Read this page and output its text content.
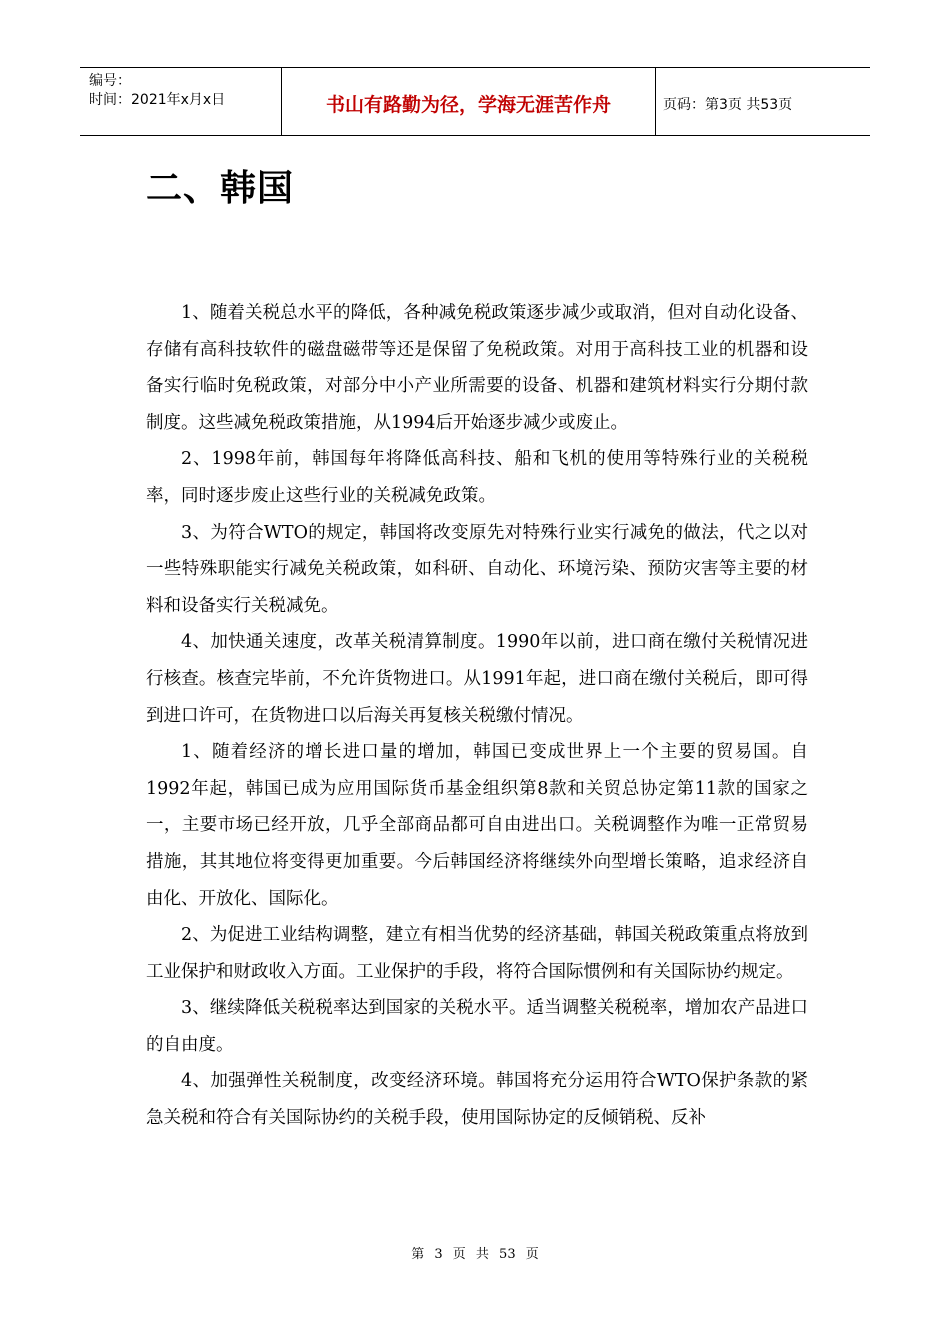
编号：
时间：2021年x月x日	书山有路勤为径，学海无涯苦作舟	页码：第3页 共53页
二、韩国

1、随着关税总水平的降低，各种减免税政策逐步减少或取消，但对自动化设备、存储有高科技软件的磁盘磁带等还是保留了免税政策。对用于高科技工业的机器和设备实行临时免税政策，对部分中小产业所需要的设备、机器和建筑材料实行分期付款制度。这些减免税政策措施，从1994后开始逐步减少或废止。

2、1998年前，韩国每年将降低高科技、船和飞机的使用等特殊行业的关税税率，同时逐步废止这些行业的关税减免政策。

3、为符合WTO的规定，韩国将改变原先对特殊行业实行减免的做法，代之以对一些特殊职能实行减免关税政策，如科研、自动化、环境污染、预防灾害等主要的材料和设备实行关税减免。

4、加快通关速度，改革关税清算制度。1990年以前，进口商在缴付关税情况进行核查。核查完毕前，不允许货物进口。从1991年起，进口商在缴付关税后，即可得到进口许可，在货物进口以后海关再复核关税缴付情况。

1、随着经济的增长进口量的增加，韩国已变成世界上一个主要的贸易国。自 1992年起，韩国已成为应用国际货币基金组织第8款和关贸总协定第11款的国家之一，主要市场已经开放，几乎全部商品都可自由进出口。关税调整作为唯一正常贸易措施，其其地位将变得更加重要。今后韩国经济将继续外向型增长策略，追求经济自由化、开放化、国际化。

2、为促进工业结构调整，建立有相当优势的经济基础，韩国关税政策重点将放到工业保护和财政收入方面。工业保护的手段，将符合国际惯例和有关国际协约规定。

3、继续降低关税税率达到国家的关税水平。适当调整关税税率，增加农产品进口的自由度。

4、加强弹性关税制度，改变经济环境。韩国将充分运用符合WTO保护条款的紧急关税和符合有关国际协约的关税手段，使用国际协定的反倾销税、反补

第 3 页 共 53 页
